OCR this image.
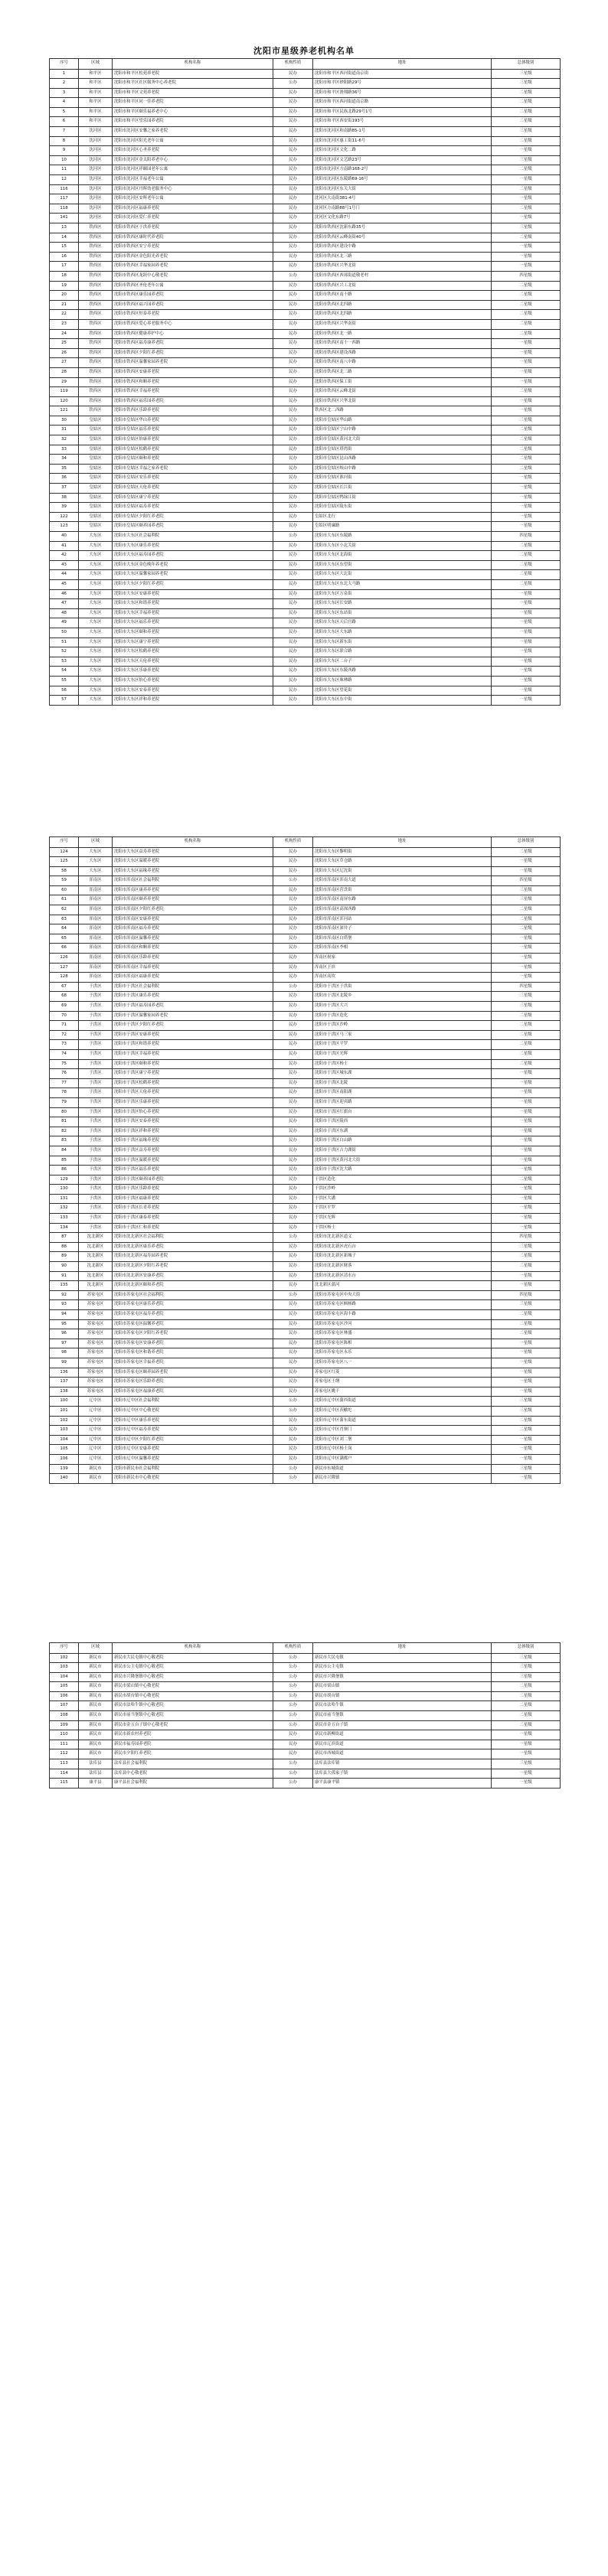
沈阳市星级养老机构名单
序号	区域	机构名称	机构性质	地址	总体级别
1	和平区	沈阳市和平区松苑养老院	民办	沈阳市和平区西河街道南京街	三星级
2	和平区	沈阳市和平区社区服务中心养老院	公办	沈阳市和平区砂阳路29号	三星级
3	和平区	沈阳市和平区文苑养老院	民办	沈阳市和平区滑翔路36号	二星级
4	和平区	沈阳市和平区同一佳养老院	民办	沈阳市和平区西河街道南京路	二星级
5	和平区	沈阳市和平区颐乐福养老中心	民办	沈阳市和平区民族北路29号1号	二星级
6	和平区	沈阳市和平区望乐园养老院	民办	沈阳市和平区西安街193号	二星级
7	沈河区	沈阳市沈河区安馨之家养老院	民办	沈阳市沈河区和南路85-1号	三星级
8	沈河区	沈阳市沈河区阳光老年公寓	民办	沈阳市沈河区惠工街11-6号	二星级
9	沈河区	沈阳市沈河区心圣养老院	民办	沈阳市沈河区文化二路	一星级
10	沈河区	沈阳市沈河区金太阳养老中心	民办	沈阳市沈河区文艺路23号	三星级
11	沈河区	沈阳市沈河区祥颐园老年公寓	民办	沈阳市沈河区方南路168-2号	二星级
12	沈河区	沈阳市沈河区幸福老年公寓	民办	沈阳市沈河区东陵路69-16号	一星级
116	沈河区	沈阳市沈河区丹晖幼老服务中心	民办	沈阳市沈河区东关大街	二星级
117	沈河区	沈阳市沈河区安晖老年公寓	民办	沈河区大南街381-4号	一星级
118	沈河区	沈阳市沈河区福康养老院	民办	沈河区方南路88号1号门	二星级
141	沈河区	沈阳市沈河区爱仁养老院	民办	沈河区文化东路7号	一星级
13	铁西区	沈阳市铁西区于洪养老院	民办	沈阳市铁西区沈新东路35号	三星级
14	铁西区	沈阳市铁西区康时代养老院	民办	沈阳市铁西区云峰南街40号	二星级
15	铁西区	沈阳市铁西区安宁养老院	民办	沈阳市铁西区建设中路	一星级
16	铁西区	沈阳市铁西区金色阳光养老院	民办	沈阳市铁西区北三路	一星级
17	铁西区	沈阳市铁西区幸福家园养老院	民办	沈阳市铁西区兴华北街	一星级
18	铁西区	沈阳市铁西区龙跃中心敬老院	公办	沈阳市铁西区西郊街道敬老村	四星级
19	铁西区	沈阳市铁西区圣伦老年公寓	民办	沈阳市铁西区兴工北街	二星级
20	铁西区	沈阳市铁西区康乐园养老院	民办	沈阳市铁西区南十路	二星级
21	铁西区	沈阳市铁西区福兴园养老院	民办	沈阳市铁西区北四路	二星级
22	铁西区	沈阳市铁西区恒泰养老院	民办	沈阳市铁西区北四路	二星级
23	铁西区	沈阳市铁西区爱心养老服务中心	民办	沈阳市铁西区兴华南街	二星级
24	铁西区	沈阳市铁西区健康养护中心	民办	沈阳市铁西区北一路	二星级
25	铁西区	沈阳市铁西区福寿康养老院	民办	沈阳市铁西区南十一西路	一星级
26	铁西区	沈阳市铁西区夕阳红养老院	民办	沈阳市铁西区建设西路	一星级
27	铁西区	沈阳市铁西区温馨家园养老院	民办	沈阳市铁西区南八中路	一星级
28	铁西区	沈阳市铁西区安康养老院	民办	沈阳市铁西区北二路	一星级
29	铁西区	沈阳市铁西区和顺养老院	民办	沈阳市铁西区保工街	一星级
119	铁西区	沈阳市铁西区幸福养老院	民办	沈阳市铁西区云峰北街	二星级
120	铁西区	沈阳市铁西区福乐园养老院	民办	沈阳市铁西区兴华北街	一星级
121	铁西区	沈阳市铁西区乐龄养老院	民办	铁西区北二西路	一星级
30	皇姑区	沈阳市皇姑区华山养老院	民办	沈阳市皇姑区华山路	三星级
31	皇姑区	沈阳市皇姑区福乐养老院	民办	沈阳市皇姑区宁山中路	二星级
32	皇姑区	沈阳市皇姑区怡康养老院	民办	沈阳市皇姑区黄河北大街	二星级
33	皇姑区	沈阳市皇姑区松鹤养老院	民办	沈阳市皇姑区塔湾街	二星级
34	皇姑区	沈阳市皇姑区颐和养老院	民办	沈阳市皇姑区昆山西路	二星级
35	皇姑区	沈阳市皇姑区幸福之家养老院	民办	沈阳市皇姑区岐山中路	二星级
36	皇姑区	沈阳市皇姑区安乐养老院	民办	沈阳市皇姑区淮河街	一星级
37	皇姑区	沈阳市皇姑区天伦养老院	民办	沈阳市皇姑区长江街	一星级
38	皇姑区	沈阳市皇姑区康宁养老院	民办	沈阳市皇姑区鸭绿江街	一星级
39	皇姑区	沈阳市皇姑区福寿养老院	民办	沈阳市皇姑区陵东街	一星级
122	皇姑区	沈阳市皇姑区夕阳红养老院	民办	皇姑区北行	一星级
123	皇姑区	沈阳市皇姑区颐养园养老院	民办	皇姑区明廉路	一星级
40	大东区	沈阳市大东区社会福利院	公办	沈阳市大东区东陵路	四星级
41	大东区	沈阳市大东区康乐养老院	民办	沈阳市大东区小北关街	二星级
42	大东区	沈阳市大东区福寿园养老院	民办	沈阳市大东区北海街	二星级
43	大东区	沈阳市大东区金色晚年养老院	民办	沈阳市大东区东望街	二星级
44	大东区	沈阳市大东区温馨家园养老院	民办	沈阳市大东区大北街	二星级
45	大东区	沈阳市大东区夕阳红养老院	民办	沈阳市大东区东北大马路	二星级
46	大东区	沈阳市大东区安康养老院	民办	沈阳市大东区万泉街	一星级
47	大东区	沈阳市大东区和谐养老院	民办	沈阳市大东区长安路	一星级
48	大东区	沈阳市大东区幸福养老院	民办	沈阳市大东区东站街	一星级
49	大东区	沈阳市大东区福乐养老院	民办	沈阳市大东区天后宫路	一星级
50	大东区	沈阳市大东区颐和养老院	民办	沈阳市大东区大东路	一星级
51	大东区	沈阳市大东区康宁养老院	民办	沈阳市大东区新东街	一星级
52	大东区	沈阳市大东区松鹤养老院	民办	沈阳市大东区联合路	一星级
53	大东区	沈阳市大东区天伦养老院	民办	沈阳市大东区二台子	一星级
54	大东区	沈阳市大东区乐康养老院	民办	沈阳市大东区东陵西路	一星级
55	大东区	沈阳市大东区怡心养老院	民办	沈阳市大东区珠林路	一星级
56	大东区	沈阳市大东区安泰养老院	民办	沈阳市大东区望花街	一星级
57	大东区	沈阳市大东区祥和养老院	民办	沈阳市大东区东中街	一星级
序号	区域	机构名称	机构性质	地址	总体级别
124	大东区	沈阳市大东区益寿养老院	民办	沈阳市大东区黎明街	二星级
125	大东区	沈阳市大东区温暖养老院	民办	沈阳市大东区草仓路	一星级
58	大东区	沈阳市大东区福缘养老院	民办	沈阳市大东区辽沈街	一星级
59	浑南区	沈阳市浑南区社会福利院	公办	沈阳市浑南区浑南大道	四星级
60	浑南区	沈阳市浑南区康养养老院	民办	沈阳市浑南区营盘街	三星级
61	浑南区	沈阳市浑南区颐养养老院	民办	沈阳市浑南区南屏东路	三星级
62	浑南区	沈阳市浑南区夕阳红养老院	民办	沈阳市浑南区高深西路	二星级
63	浑南区	沈阳市浑南区安康养老院	民办	沈阳市浑南区浑河站	二星级
64	浑南区	沈阳市浑南区福寿养老院	民办	沈阳市浑南区深井子	二星级
65	浑南区	沈阳市浑南区温馨养老院	民办	沈阳市浑南区白塔堡	一星级
66	浑南区	沈阳市浑南区和顺养老院	民办	沈阳市浑南区李相	一星级
126	浑南区	沈阳市浑南区乐龄养老院	民办	浑南区祝家	一星级
127	浑南区	沈阳市浑南区幸福养老院	民办	浑南区王滨	一星级
128	浑南区	沈阳市浑南区福康养老院	民办	浑南区高坎	一星级
67	于洪区	沈阳市于洪区社会福利院	公办	沈阳市于洪区于洪街	四星级
68	于洪区	沈阳市于洪区康乐养老院	民办	沈阳市于洪区北陵乡	三星级
69	于洪区	沈阳市于洪区福寿园养老院	民办	沈阳市于洪区大兴	三星级
70	于洪区	沈阳市于洪区温馨家园养老院	民办	沈阳市于洪区造化	二星级
71	于洪区	沈阳市于洪区夕阳红养老院	民办	沈阳市于洪区沙岭	二星级
72	于洪区	沈阳市于洪区安康养老院	民办	沈阳市于洪区马三家	二星级
73	于洪区	沈阳市于洪区和谐养老院	民办	沈阳市于洪区平罗	二星级
74	于洪区	沈阳市于洪区幸福养老院	民办	沈阳市于洪区光辉	二星级
75	于洪区	沈阳市于洪区颐和养老院	民办	沈阳市于洪区杨士	二星级
76	于洪区	沈阳市于洪区康宁养老院	民办	沈阳市于洪区城东湖	一星级
77	于洪区	沈阳市于洪区松鹤养老院	民办	沈阳市于洪区北陵	一星级
78	于洪区	沈阳市于洪区天伦养老院	民办	沈阳市于洪区南阳湖	一星级
79	于洪区	沈阳市于洪区乐康养老院	民办	沈阳市于洪区迎宾路	一星级
80	于洪区	沈阳市于洪区怡心养老院	民办	沈阳市于洪区红旗台	一星级
81	于洪区	沈阳市于洪区安泰养老院	民办	沈阳市于洪区陵西	一星级
82	于洪区	沈阳市于洪区祥和养老院	民办	沈阳市于洪区东湖	一星级
83	于洪区	沈阳市于洪区福缘养老院	民办	沈阳市于洪区白山路	一星级
84	于洪区	沈阳市于洪区益寿养老院	民办	沈阳市于洪区吉力湖街	一星级
85	于洪区	沈阳市于洪区温暖养老院	民办	沈阳市于洪区黄河北大街	一星级
86	于洪区	沈阳市于洪区福乐养老院	民办	沈阳市于洪区沈大路	一星级
129	于洪区	沈阳市于洪区颐养园养老院	民办	于洪区造化	二星级
130	于洪区	沈阳市于洪区乐龄养老院	民办	于洪区沙岭	一星级
131	于洪区	沈阳市于洪区福康养老院	民办	于洪区大潘	一星级
132	于洪区	沈阳市于洪区长青养老院	民办	于洪区平罗	一星级
133	于洪区	沈阳市于洪区康泰养老院	民办	于洪区光辉	一星级
134	于洪区	沈阳市于洪区仁和养老院	民办	于洪区杨士	一星级
87	沈北新区	沈阳市沈北新区社会福利院	公办	沈阳市沈北新区道义	四星级
88	沈北新区	沈阳市沈北新区康乐养老院	民办	沈阳市沈北新区虎石台	三星级
89	沈北新区	沈阳市沈北新区福寿园养老院	民办	沈阳市沈北新区新城子	二星级
90	沈北新区	沈阳市沈北新区夕阳红养老院	民办	沈阳市沈北新区财落	二星级
91	沈北新区	沈阳市沈北新区安康养老院	民办	沈阳市沈北新区清水台	一星级
135	沈北新区	沈阳市沈北新区颐和养老院	民办	沈北新区蒲河	一星级
92	苏家屯区	沈阳市苏家屯区社会福利院	公办	沈阳市苏家屯区中央大街	四星级
93	苏家屯区	沈阳市苏家屯区康乐养老院	民办	沈阳市苏家屯区枫杨路	三星级
94	苏家屯区	沈阳市苏家屯区福寿养老院	民办	沈阳市苏家屯区海丰路	二星级
95	苏家屯区	沈阳市苏家屯区温馨养老院	民办	沈阳市苏家屯区沙河	二星级
96	苏家屯区	沈阳市苏家屯区夕阳红养老院	民办	沈阳市苏家屯区林盛	二星级
97	苏家屯区	沈阳市苏家屯区安康养老院	民办	沈阳市苏家屯区陈相	一星级
98	苏家屯区	沈阳市苏家屯区和谐养老院	民办	沈阳市苏家屯区永乐	一星级
99	苏家屯区	沈阳市苏家屯区幸福养老院	民办	沈阳市苏家屯区八一	一星级
136	苏家屯区	沈阳市苏家屯区颐养园养老院	民办	苏家屯区红菱	一星级
137	苏家屯区	沈阳市苏家屯区乐龄养老院	民办	苏家屯区王纲	一星级
138	苏家屯区	沈阳市苏家屯区福康养老院	民办	苏家屯区姚千	一星级
100	辽中区	沈阳市辽中区社会福利院	公办	沈阳市辽中区蒲西街道	三星级
101	辽中区	沈阳市辽中区中心敬老院	公办	沈阳市辽中区茨榆坨	三星级
102	辽中区	沈阳市辽中区康乐养老院	民办	沈阳市辽中区蒲东街道	二星级
103	辽中区	沈阳市辽中区福寿养老院	民办	沈阳市辽中区肖寨门	二星级
104	辽中区	沈阳市辽中区夕阳红养老院	民办	沈阳市辽中区刘二堡	一星级
105	辽中区	沈阳市辽中区安康养老院	民办	沈阳市辽中区杨士岗	一星级
106	辽中区	沈阳市辽中区温馨养老院	民办	沈阳市辽中区满都户	一星级
139	新民市	沈阳市新民市社会福利院	公办	新民市东城街道	三星级
140	新民市	沈阳市新民市中心敬老院	公办	新民市兴隆镇	一星级
序号	区域	机构名称	机构性质	地址	总体级别
102	新民市	新民市大民屯镇中心敬老院	公办	新民市大民屯镇	三星级
103	新民市	新民市公主屯镇中心敬老院	公办	新民市公主屯镇	三星级
104	新民市	新民市兴隆堡镇中心敬老院	公办	新民市兴隆堡镇	三星级
105	新民市	新民市梁山镇中心敬老院	公办	新民市梁山镇	二星级
106	新民市	新民市胡台镇中心敬老院	公办	新民市胡台镇	二星级
107	新民市	新民市法哈牛镇中心敬老院	公办	新民市法哈牛镇	二星级
108	新民市	新民市前当堡镇中心敬老院	公办	新民市前当堡镇	二星级
109	新民市	新民市金五台子镇中心敬老院	公办	新民市金五台子镇	二星级
110	新民市	新民市新农村养老院	民办	新民市新柳街道	一星级
111	新民市	新民市福寿园养老院	民办	新民市辽滨街道	一星级
112	新民市	新民市夕阳红养老院	民办	新民市西城街道	一星级
113	法库县	法库县社会福利院	公办	法库县法库镇	三星级
114	法库县	法库县中心敬老院	公办	法库县大孤家子镇	一星级
115	康平县	康平县社会福利院	公办	康平县康平镇	一星级
